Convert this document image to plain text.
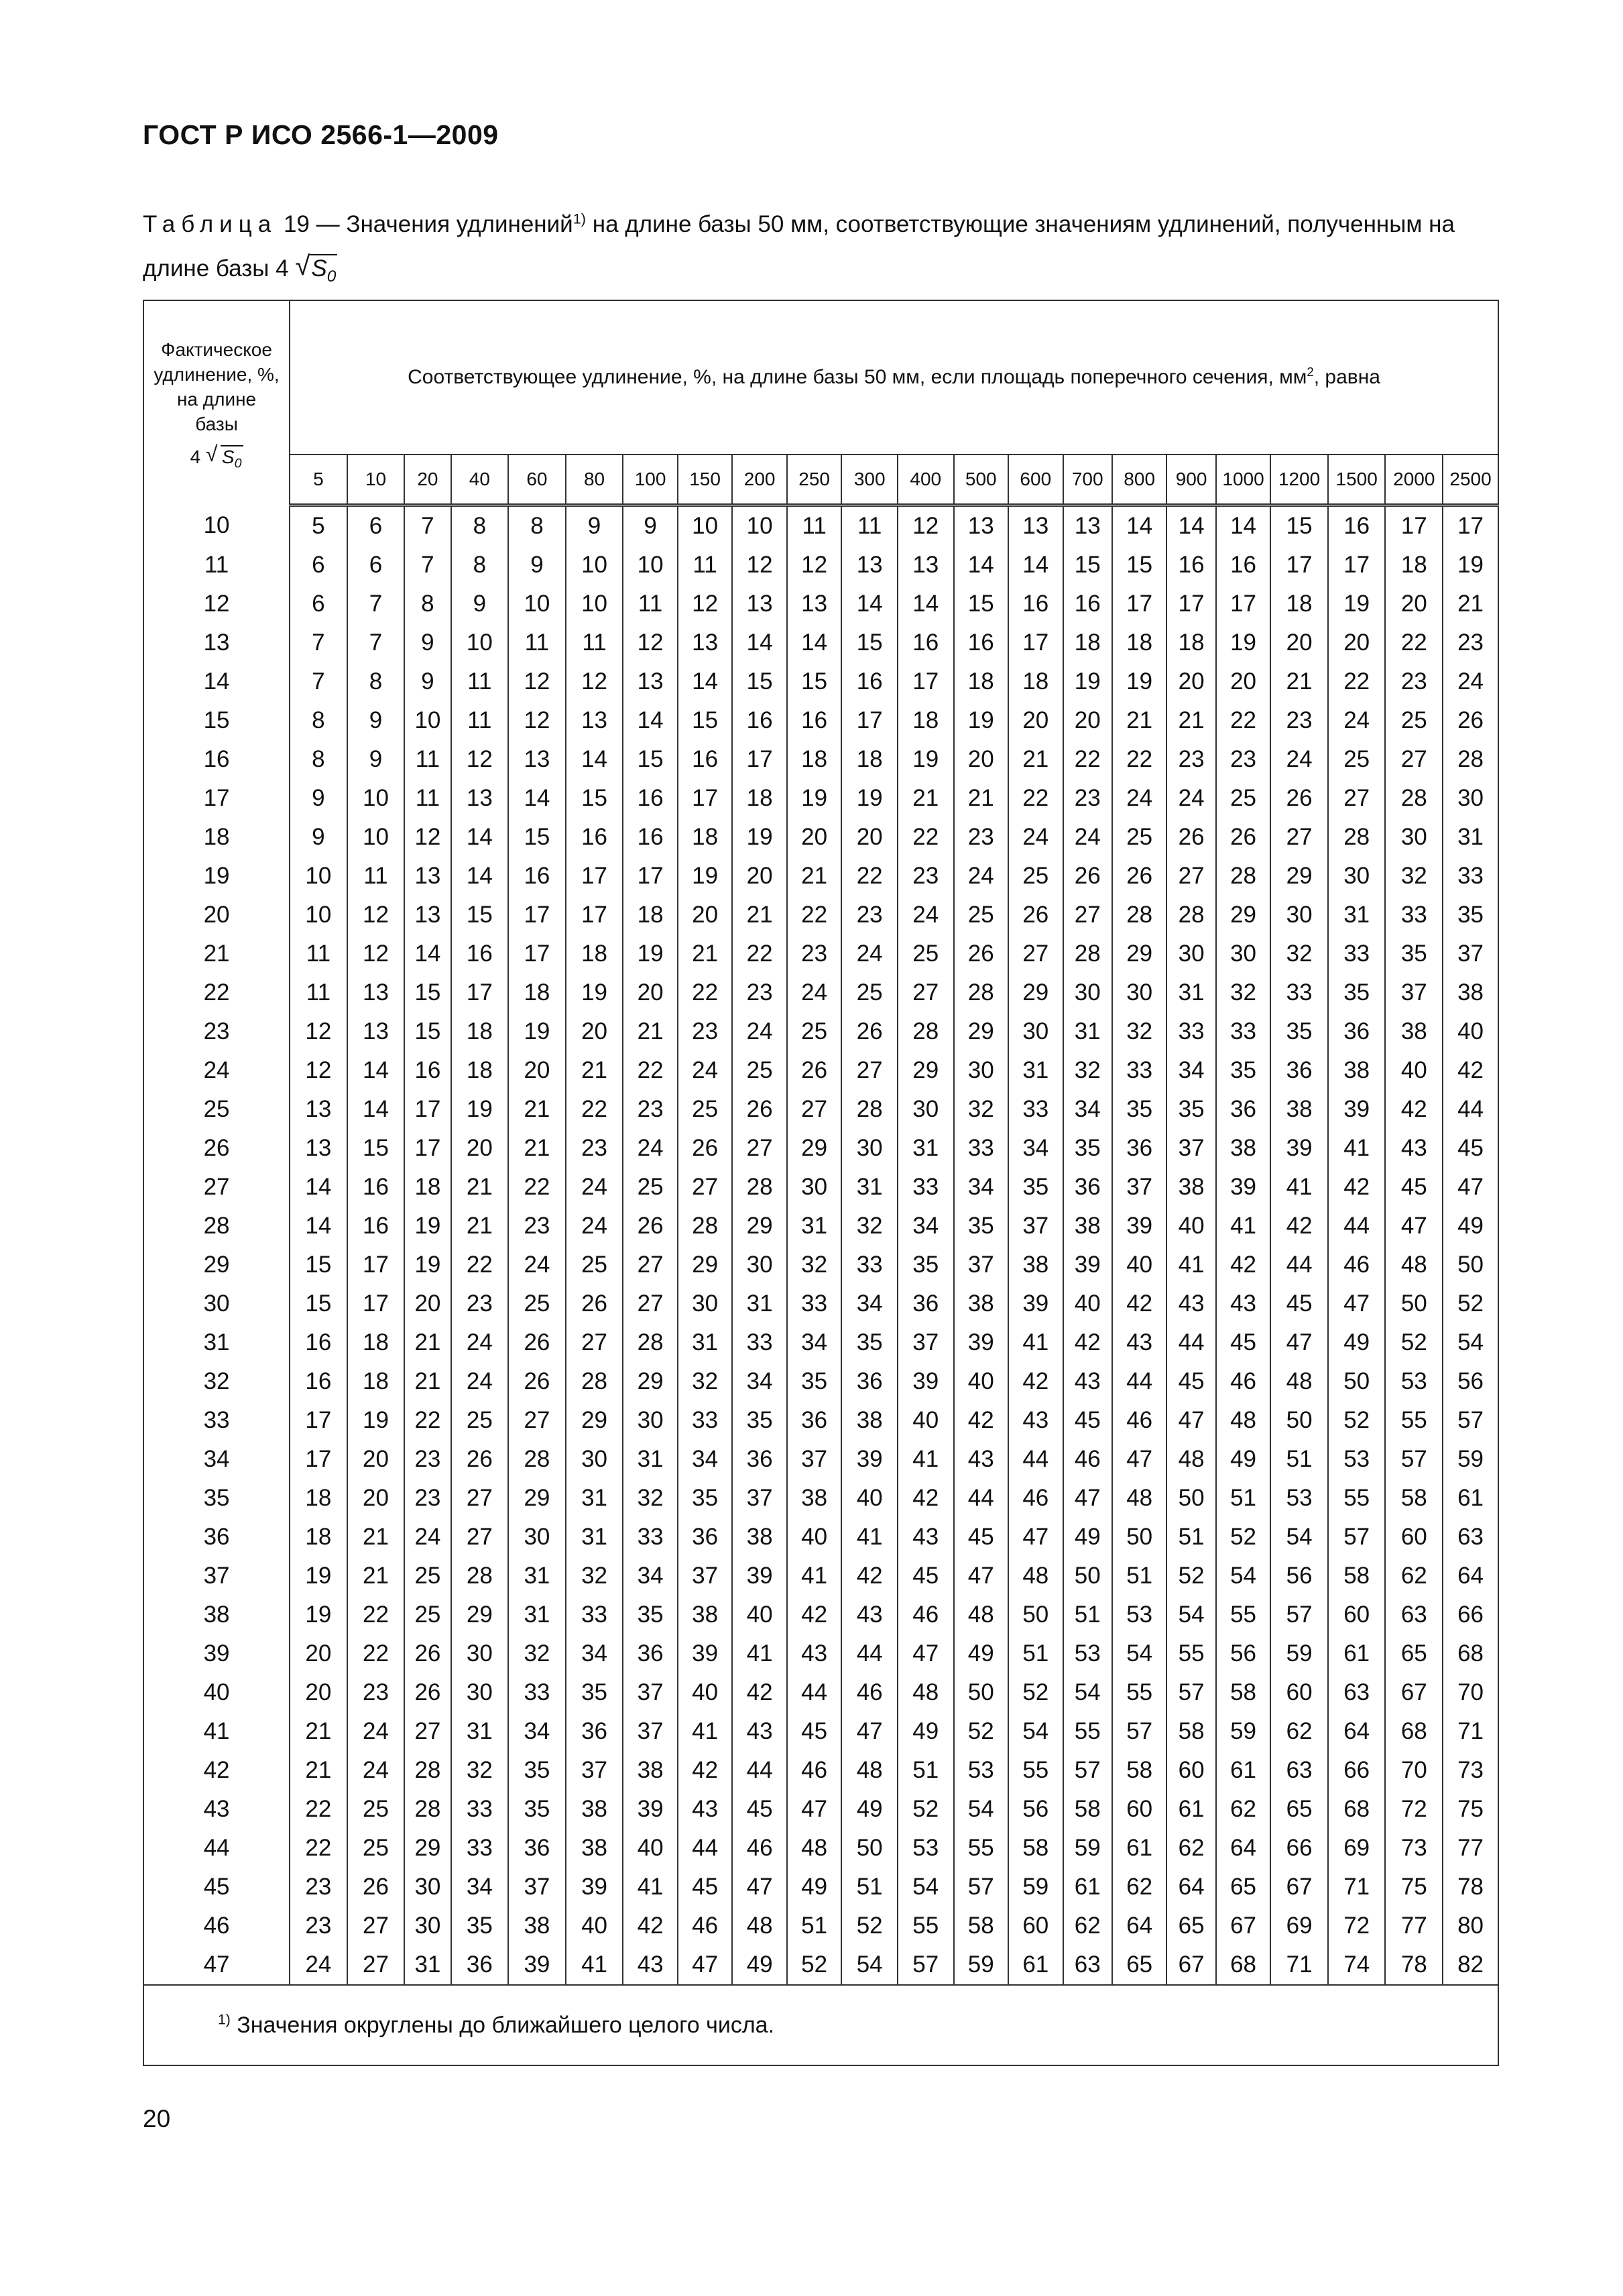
ГОСТ Р ИСО 2566-1—2009
Таблица 19 — Значения удлинений$^{1)}$ на длине базы 50 мм, соответствующие значениям удлинений, полученным на длине базы 4 √ $S_0$
Фактическое удлинение, %, на длине базы
4 √ $S_0$	Соответствующее удлинение, %, на длине базы 50 мм, если площадь поперечного сечения, $мм^2$, равна																					
	5	10	20	40	60	80	100	150	200	250	300	400	500	600	700	800	900	1000	1200	1500	2000	2500
10	5	6	7	8	8	9	9	10	10	11	11	12	13	13	13	14	14	14	15	16	17	17
11	6	6	7	8	9	10	10	11	12	12	13	13	14	14	15	15	16	16	17	17	18	19
12	6	7	8	9	10	10	11	12	13	13	14	14	15	16	16	17	17	17	18	19	20	21
13	7	7	9	10	11	11	12	13	14	14	15	16	16	17	18	18	18	19	20	20	22	23
14	7	8	9	11	12	12	13	14	15	15	16	17	18	18	19	19	20	20	21	22	23	24
15	8	9	10	11	12	13	14	15	16	16	17	18	19	20	20	21	21	22	23	24	25	26
16	8	9	11	12	13	14	15	16	17	18	18	19	20	21	22	22	23	23	24	25	27	28
17	9	10	11	13	14	15	16	17	18	19	19	21	21	22	23	24	24	25	26	27	28	30
18	9	10	12	14	15	16	16	18	19	20	20	22	23	24	24	25	26	26	27	28	30	31
19	10	11	13	14	16	17	17	19	20	21	22	23	24	25	26	26	27	28	29	30	32	33
20	10	12	13	15	17	17	18	20	21	22	23	24	25	26	27	28	28	29	30	31	33	35
21	11	12	14	16	17	18	19	21	22	23	24	25	26	27	28	29	30	30	32	33	35	37
22	11	13	15	17	18	19	20	22	23	24	25	27	28	29	30	30	31	32	33	35	37	38
23	12	13	15	18	19	20	21	23	24	25	26	28	29	30	31	32	33	33	35	36	38	40
24	12	14	16	18	20	21	22	24	25	26	27	29	30	31	32	33	34	35	36	38	40	42
25	13	14	17	19	21	22	23	25	26	27	28	30	32	33	34	35	35	36	38	39	42	44
26	13	15	17	20	21	23	24	26	27	29	30	31	33	34	35	36	37	38	39	41	43	45
27	14	16	18	21	22	24	25	27	28	30	31	33	34	35	36	37	38	39	41	42	45	47
28	14	16	19	21	23	24	26	28	29	31	32	34	35	37	38	39	40	41	42	44	47	49
29	15	17	19	22	24	25	27	29	30	32	33	35	37	38	39	40	41	42	44	46	48	50
30	15	17	20	23	25	26	27	30	31	33	34	36	38	39	40	42	43	43	45	47	50	52
31	16	18	21	24	26	27	28	31	33	34	35	37	39	41	42	43	44	45	47	49	52	54
32	16	18	21	24	26	28	29	32	34	35	36	39	40	42	43	44	45	46	48	50	53	56
33	17	19	22	25	27	29	30	33	35	36	38	40	42	43	45	46	47	48	50	52	55	57
34	17	20	23	26	28	30	31	34	36	37	39	41	43	44	46	47	48	49	51	53	57	59
35	18	20	23	27	29	31	32	35	37	38	40	42	44	46	47	48	50	51	53	55	58	61
36	18	21	24	27	30	31	33	36	38	40	41	43	45	47	49	50	51	52	54	57	60	63
37	19	21	25	28	31	32	34	37	39	41	42	45	47	48	50	51	52	54	56	58	62	64
38	19	22	25	29	31	33	35	38	40	42	43	46	48	50	51	53	54	55	57	60	63	66
39	20	22	26	30	32	34	36	39	41	43	44	47	49	51	53	54	55	56	59	61	65	68
40	20	23	26	30	33	35	37	40	42	44	46	48	50	52	54	55	57	58	60	63	67	70
41	21	24	27	31	34	36	37	41	43	45	47	49	52	54	55	57	58	59	62	64	68	71
42	21	24	28	32	35	37	38	42	44	46	48	51	53	55	57	58	60	61	63	66	70	73
43	22	25	28	33	35	38	39	43	45	47	49	52	54	56	58	60	61	62	65	68	72	75
44	22	25	29	33	36	38	40	44	46	48	50	53	55	58	59	61	62	64	66	69	73	77
45	23	26	30	34	37	39	41	45	47	49	51	54	57	59	61	62	64	65	67	71	75	78
46	23	27	30	35	38	40	42	46	48	51	52	55	58	60	62	64	65	67	69	72	77	80
47	24	27	31	36	39	41	43	47	49	52	54	57	59	61	63	65	67	68	71	74	78	82
$^{1)}$ Значения округлены до ближайшего целого числа.																						
20
